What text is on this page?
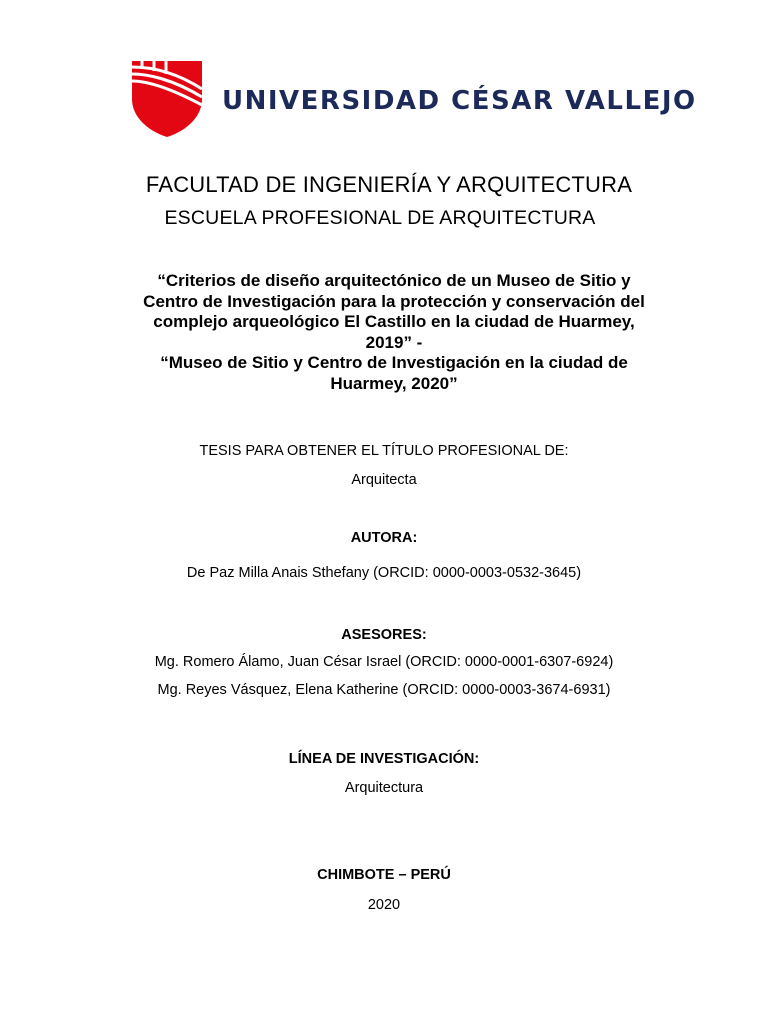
UNIVERSIDAD CÉSAR VALLEJO
FACULTAD DE INGENIERÍA Y ARQUITECTURA
ESCUELA PROFESIONAL DE ARQUITECTURA
“Criterios de diseño arquitectónico de un Museo de Sitio y
Centro de Investigación para la protección y conservación del
complejo arqueológico El Castillo en la ciudad de Huarmey,
2019” -
“Museo de Sitio y Centro de Investigación en la ciudad de
Huarmey, 2020”
TESIS PARA OBTENER EL TÍTULO PROFESIONAL DE:
Arquitecta
AUTORA:
De Paz Milla Anais Sthefany (ORCID: 0000-0003-0532-3645)
ASESORES:
Mg. Romero Álamo, Juan César Israel (ORCID: 0000-0001-6307-6924)
Mg. Reyes Vásquez, Elena Katherine (ORCID: 0000-0003-3674-6931)
LÍNEA DE INVESTIGACIÓN:
Arquitectura
CHIMBOTE – PERÚ
2020
